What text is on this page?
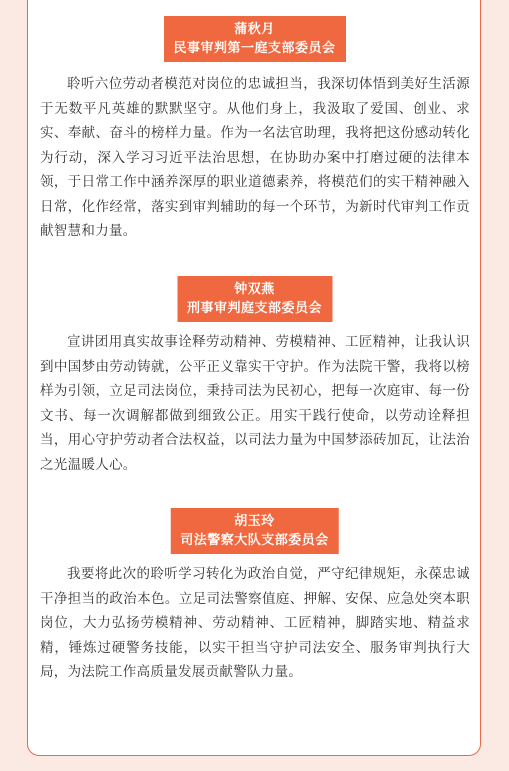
蒲秋月
民事审判第一庭支部委员会

聆听六位劳动者模范对岗位的忠诚担当，我深切体悟到美好生活源于无数平凡英雄的默默坚守。从他们身上，我汲取了爱国、创业、求实、奉献、奋斗的榜样力量。作为一名法官助理，我将把这份感动转化为行动，深入学习习近平法治思想，在协助办案中打磨过硬的法律本领，于日常工作中涵养深厚的职业道德素养，将模范们的实干精神融入日常，化作经常，落实到审判辅助的每一个环节，为新时代审判工作贡献智慧和力量。

钟双燕
刑事审判庭支部委员会

宣讲团用真实故事诠释劳动精神、劳模精神、工匠精神，让我认识到中国梦由劳动铸就，公平正义靠实干守护。作为法院干警，我将以榜样为引领，立足司法岗位，秉持司法为民初心，把每一次庭审、每一份文书、每一次调解都做到细致公正。用实干践行使命，以劳动诠释担当，用心守护劳动者合法权益，以司法力量为中国梦添砖加瓦，让法治之光温暖人心。

胡玉玲
司法警察大队支部委员会

我要将此次的聆听学习转化为政治自觉，严守纪律规矩，永葆忠诚干净担当的政治本色。立足司法警察值庭、押解、安保、应急处突本职岗位，大力弘扬劳模精神、劳动精神、工匠精神，脚踏实地、精益求精，锤炼过硬警务技能，以实干担当守护司法安全、服务审判执行大局，为法院工作高质量发展贡献警队力量。
